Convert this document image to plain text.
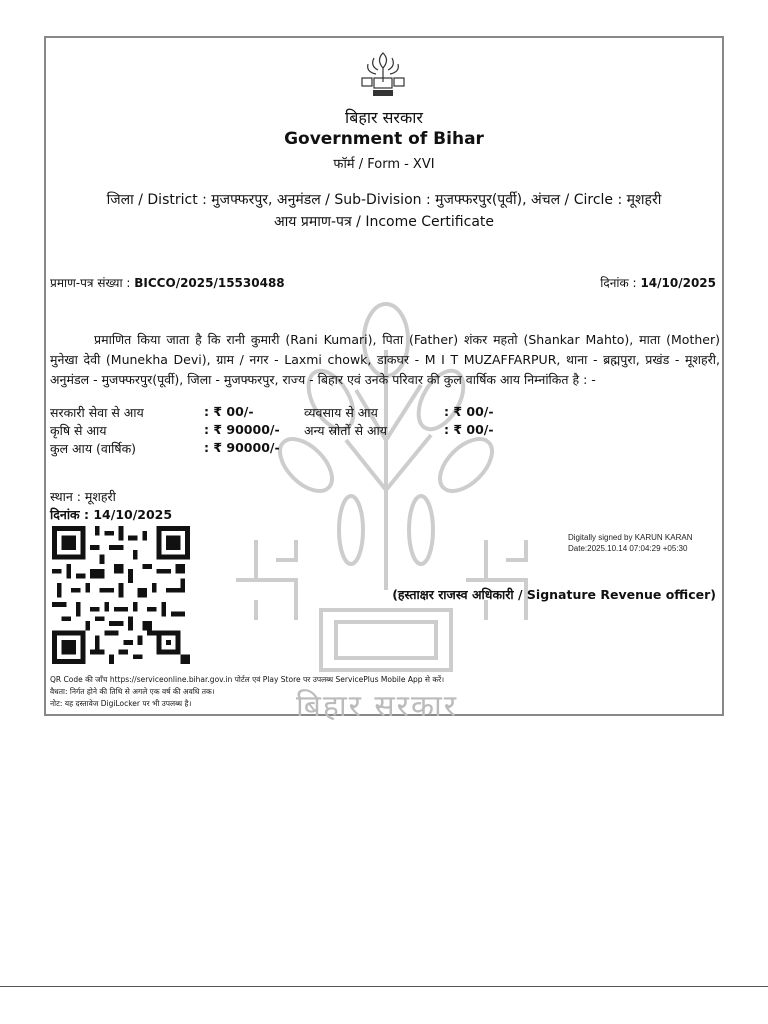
बिहार सरकार
बिहार सरकार
Government of Bihar
फॉर्म / Form - XVI
जिला / District : मुजफ्फरपुर, अनुमंडल / Sub-Division : मुजफ्फरपुर(पूर्वी), अंचल / Circle : मूशहरी
आय प्रमाण-पत्र / Income Certificate
प्रमाण-पत्र संख्या : BICCO/2025/15530488	दिनांक : 14/10/2025
प्रमाणित किया जाता है कि रानी कुमारी (Rani Kumari), पिता (Father) शंकर महतो (Shankar Mahto), माता (Mother) मुनेखा देवी (Munekha Devi), ग्राम / नगर - Laxmi chowk, डाकघर - M I T MUZAFFARPUR, थाना - ब्रह्मपुरा, प्रखंड - मूशहरी, अनुमंडल - मुजफ्फरपुर(पूर्वी), जिला - मुजफ्फरपुर, राज्य - बिहार एवं उनके परिवार की कुल वार्षिक आय निम्नांकित है : -
सरकारी सेवा से आय	: ₹ 00/-	व्यवसाय से आय	: ₹ 00/-
कृषि से आय	: ₹ 90000/- अन्य स्रोतों से आय	: ₹ 00/-
कुल आय (वार्षिक)	: ₹ 90000/-
स्थान : मूशहरी
दिनांक : 14/10/2025
Digitally signed by KARUN KARAN
Date:2025.10.14 07:04:29 +05:30
(हस्ताक्षर राजस्व अधिकारी / Signature Revenue officer)
QR Code की जाँच https://serviceonline.bihar.gov.in पोर्टल एवं Play Store पर उपलब्ध ServicePlus Mobile App से करें।
वैधता: निर्गत होने की तिथि से अगले एक वर्ष की अवधि तक।
नोट: यह दस्तावेज DigiLocker पर भी उपलब्ध है।
